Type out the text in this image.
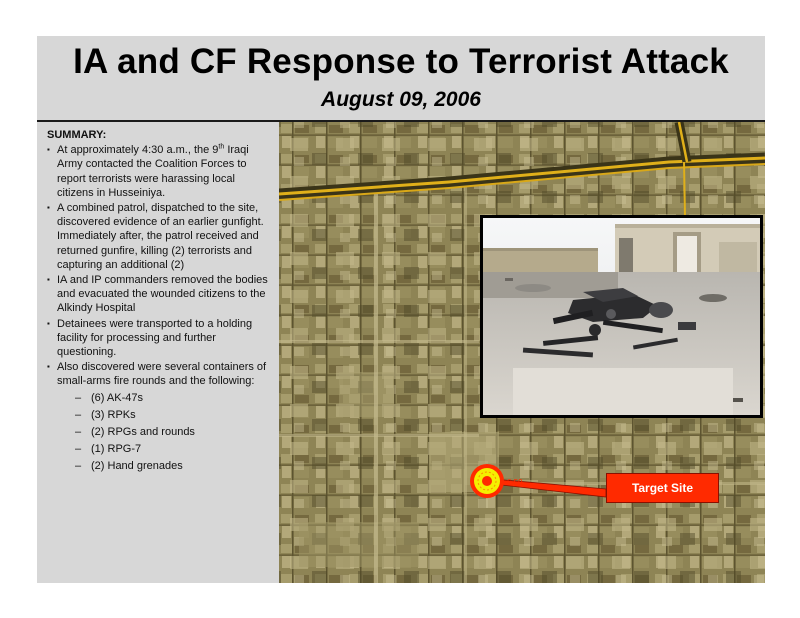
IA and CF Response to Terrorist Attack
August 09, 2006
SUMMARY:
▪ At approximately 4:30 a.m., the 9th Iraqi Army contacted the Coalition Forces to report terrorists were harassing local citizens in Husseiniya.
▪ A combined patrol, dispatched to the site, discovered evidence of an earlier gunfight. Immediately after, the patrol received and returned gunfire, killing (2) terrorists and capturing an additional (2)
▪ IA and IP commanders removed the bodies and evacuated the wounded citizens to the Alkindy Hospital
▪ Detainees were transported to a holding facility for processing and further questioning.
▪ Also discovered were several containers of small-arms fire rounds and the following:
– (6) AK-47s
– (3) RPKs
– (2) RPGs and rounds
– (1) RPG-7
– (2) Hand grenades
6.59	Target Site
